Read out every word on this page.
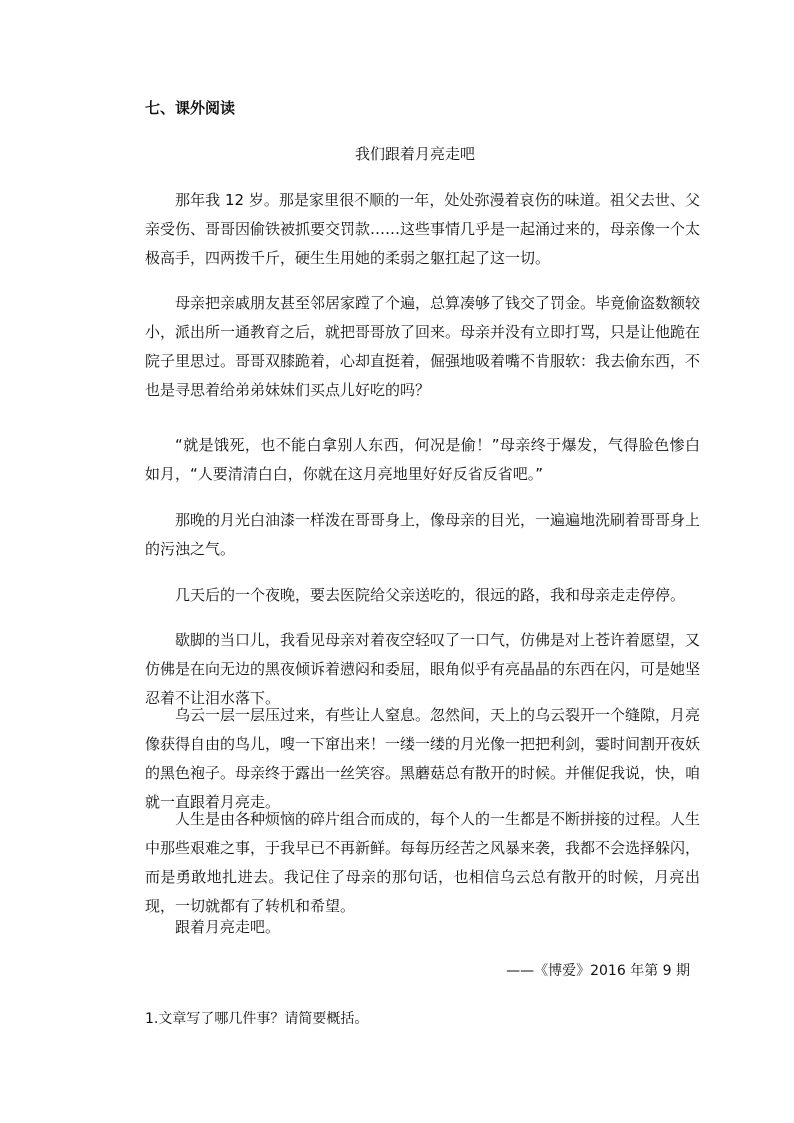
七、课外阅读
我们跟着月亮走吧

那年我 12 岁。那是家里很不顺的一年，处处弥漫着哀伤的味道。祖父去世、父亲受伤、哥哥因偷铁被抓要交罚款……这些事情几乎是一起涌过来的，母亲像一个太极高手，四两拨千斤，硬生生用她的柔弱之躯扛起了这一切。

母亲把亲戚朋友甚至邻居家蹚了个遍，总算凑够了钱交了罚金。毕竟偷盗数额较小，派出所一通教育之后，就把哥哥放了回来。母亲并没有立即打骂，只是让他跪在院子里思过。哥哥双膝跪着，心却直挺着，倔强地吸着嘴不肯服软：我去偷东西，不也是寻思着给弟弟妹妹们买点儿好吃的吗？

“就是饿死，也不能白拿别人东西，何况是偷！”母亲终于爆发，气得脸色惨白如月，“人要清清白白，你就在这月亮地里好好反省反省吧。”

那晚的月光白油漆一样泼在哥哥身上，像母亲的目光，一遍遍地洗刷着哥哥身上的污浊之气。

几天后的一个夜晚，要去医院给父亲送吃的，很远的路，我和母亲走走停停。

歇脚的当口儿，我看见母亲对着夜空轻叹了一口气，仿佛是对上苍许着愿望，又仿佛是在向无边的黑夜倾诉着懑闷和委屈，眼角似乎有亮晶晶的东西在闪，可是她坚忍着不让泪水落下。

乌云一层一层压过来，有些让人窒息。忽然间，天上的乌云裂开一个缝隙，月亮像获得自由的鸟儿，嗖一下窜出来！一缕一缕的月光像一把把利剑，霎时间割开夜妖的黑色袍子。母亲终于露出一丝笑容。黑蘑菇总有散开的时候。并催促我说，快，咱就一直跟着月亮走。

人生是由各种烦恼的碎片组合而成的，每个人的一生都是不断拼接的过程。人生中那些艰难之事，于我早已不再新鲜。每每历经苦之风暴来袭，我都不会选择躲闪，而是勇敢地扎进去。我记住了母亲的那句话，也相信乌云总有散开的时候，月亮出现，一切就都有了转机和希望。

跟着月亮走吧。

——《博爱》2016 年第 9 期

1.文章写了哪几件事？请简要概括。
